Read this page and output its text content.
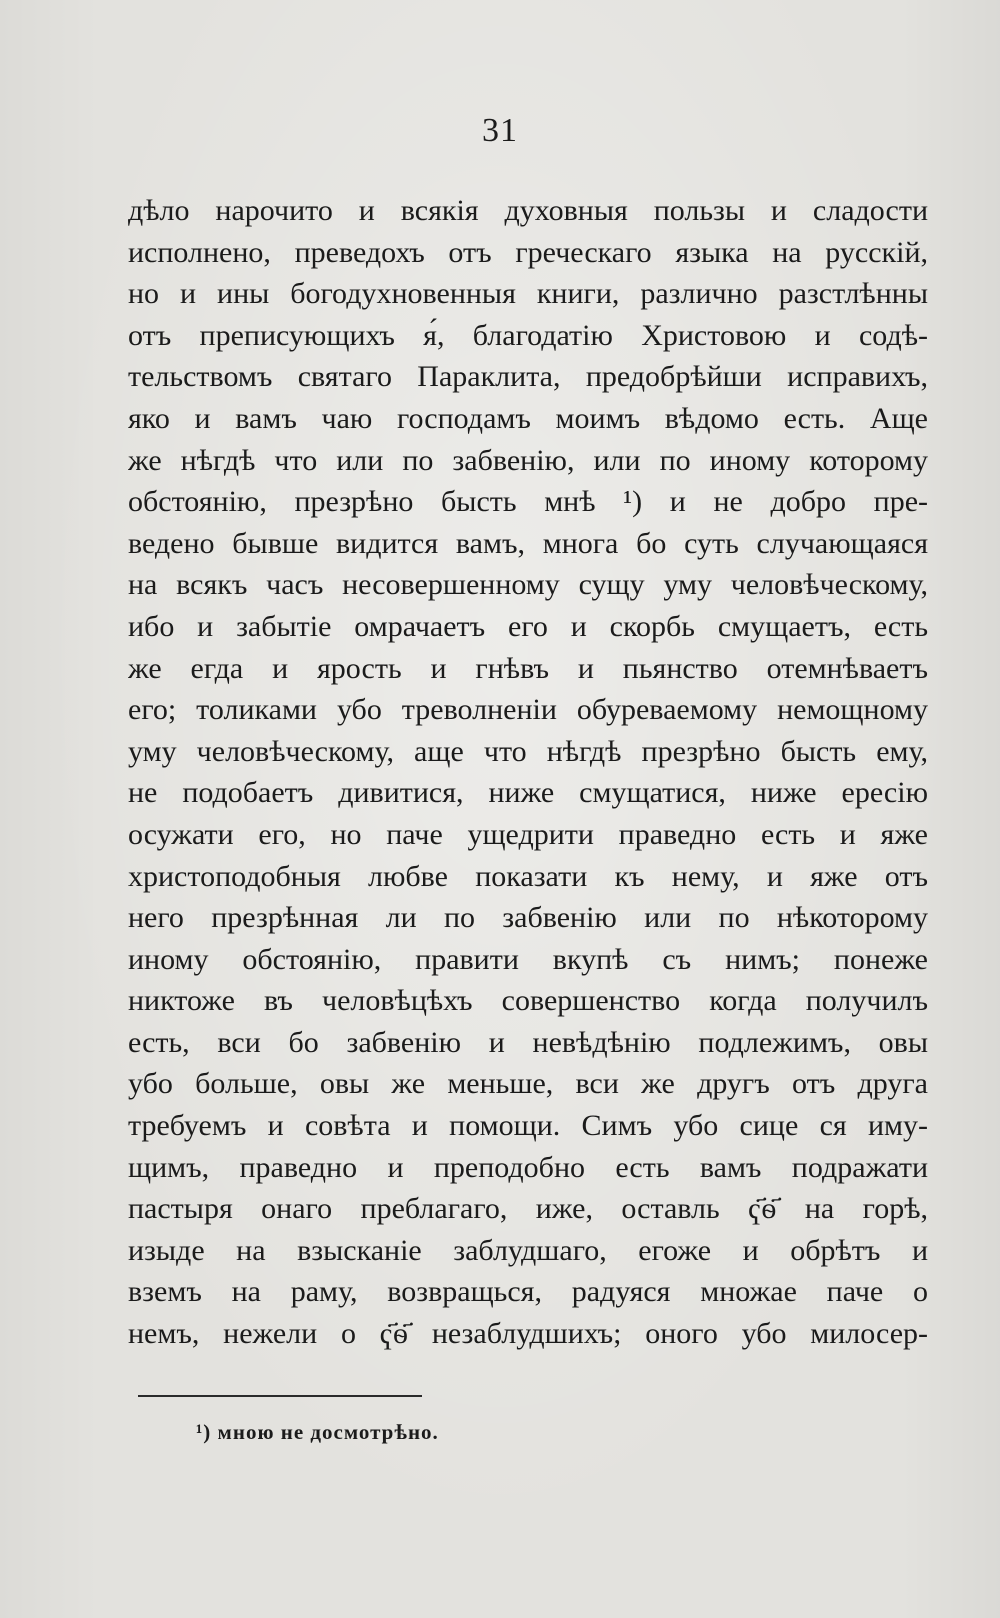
31
дѣло нарочито и всякія духовныя пользы и сладости
исполнено, преведохъ отъ греческаго языка на русскій,
но и ины богодухновенныя книги, различно разстлѣнны
отъ преписующихъ я́, благодатію Христовою и содѣ-
тельствомъ святаго Параклита, предобрѣйши исправихъ,
яко и вамъ чаю господамъ моимъ вѣдомо есть. Аще
же нѣгдѣ что или по забвенію, или по иному которому
обстоянію, презрѣно бысть мнѣ ¹) и не добро пре-
ведено бывше видится вамъ, многа бо суть случающаяся
на всякъ часъ несовершенному сущу уму человѣческому,
ибо и забытіе омрачаетъ его и скорбь смущаетъ, есть
же егда и ярость и гнѣвъ и пьянство отемнѣваетъ
его; толиками убо треволненіи обуреваемому немощному
уму человѣческому, аще что нѣгдѣ презрѣно бысть ему,
не подобаетъ дивитися, ниже смущатися, ниже ересію
осужати его, но паче ущедрити праведно есть и яже
христоподобныя любве показати къ нему, и яже отъ
него презрѣнная ли по забвенію или по нѣкоторому
иному обстоянію, правити вкупѣ съ нимъ; понеже
никтоже въ человѣцѣхъ совершенство когда получилъ
есть, вси бо забвенію и невѣдѣнію подлежимъ, овы
убо больше, овы же меньше, вси же другъ отъ друга
требуемъ и совѣта и помощи. Симъ убо сице ся иму-
щимъ, праведно и преподобно есть вамъ подражати
пастыря онаго преблагаго, иже, оставль ҁ҃ѳ҃ на горѣ,
изыде на взысканіе заблудшаго, егоже и обрѣтъ и
вземъ на раму, возвращься, радуяся множае паче о
немъ, нежели о ҁ҃ѳ҃ незаблудшихъ; оного убо милосер-
¹) мною не досмотрѣно.
